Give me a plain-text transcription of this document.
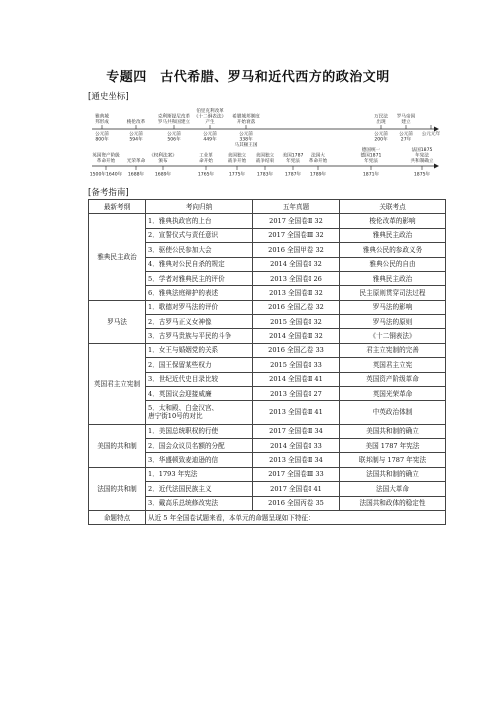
专题四　古代希腊、罗马和近代西方的政治文明
[通史坐标]
雅典城
邦形成
公元前
800年
梭伦改革
公元前
594年
克利斯提尼改革
罗马共和国建立
公元前
506年
伯里克利改革
《十二铜表法》
产生
公元前
449年
希腊城邦制度
开始衰落
公元前
338年
马其顿王国
万民法
出现
公元前
200年
罗马帝国
建立
公元前
27年
公元元年
英国资产阶级
革命开始
1500年1640年
光荣革命
1688年
《权利法案》
颁布
1689年
工业革
命开始
1765年
美国独立
战争开始
1775年
美国独立
战争结束
1783年
美国1787
年宪法
1787年
法国大
革命开始
1789年
德国统一
德国1871
年宪法
1871年
法国1875
年宪法
共和制确立
1875年
[备考指南]
最新考纲	考向归纳	五年真题	关联考点
雅典民主政治	1．雅典执政官的上台	2017 全国卷Ⅱ 32	梭伦改革的影响
	2．宣誓仪式与责任意识	2017 全国卷Ⅲ 32	雅典民主政治
	3．驱使公民参加大会	2016 全国甲卷 32	雅典公民的参政义务
	4．雅典对公民自杀的规定	2014 全国卷Ⅰ 32	雅典公民的自由
	5．学者对雅典民主的评价	2013 全国卷Ⅰ 26	雅典民主政治
	6．雅典法庭辩护的表述	2013 全国卷Ⅱ 32	民主原则贯穿司法过程
罗马法	1．歌德对罗马法的评价	2016 全国乙卷 32	罗马法的影响
	2．古罗马正义女神像	2015 全国卷Ⅰ 32	罗马法的原则
	3．古罗马贵族与平民的斗争	2014 全国卷Ⅱ 32	《十二铜表法》
英国君主立宪制	1．女王与婚姻党的关系	2016 全国乙卷 33	君主立宪制的完善
	2．国王保留某些权力	2015 全国卷Ⅰ 33	英国君主立宪
	3．世纪近代史目录比较	2014 全国卷Ⅱ 41	英国资产阶级革命
	4．英国议会迎接威廉	2013 全国卷Ⅰ 27	英国光荣革命
	5．太和殿、白金汉宫、
唐宁街10号的对比	2013 全国卷Ⅱ 41	中英政治体制
美国的共和制	1．美国总统职权的行使	2017 全国卷Ⅱ 34	美国共和制的确立
	2．国会众议员名额的分配	2014 全国卷Ⅰ 33	美国 1787 年宪法
	3．华盛顿致麦迪逊的信	2013 全国卷Ⅱ 34	联邦制与 1787 年宪法
法国的共和制	1．1793 年宪法	2017 全国卷Ⅲ 33	法国共和制的确立
	2．近代法国民族主义	2017 全国卷Ⅰ 41	法国大革命
	3．戴高乐总统修改宪法	2016 全国丙卷 35	法国共和政体的稳定性
命题特点	从近 5 年全国卷试题来看，本单元的命题呈现如下特征：		
